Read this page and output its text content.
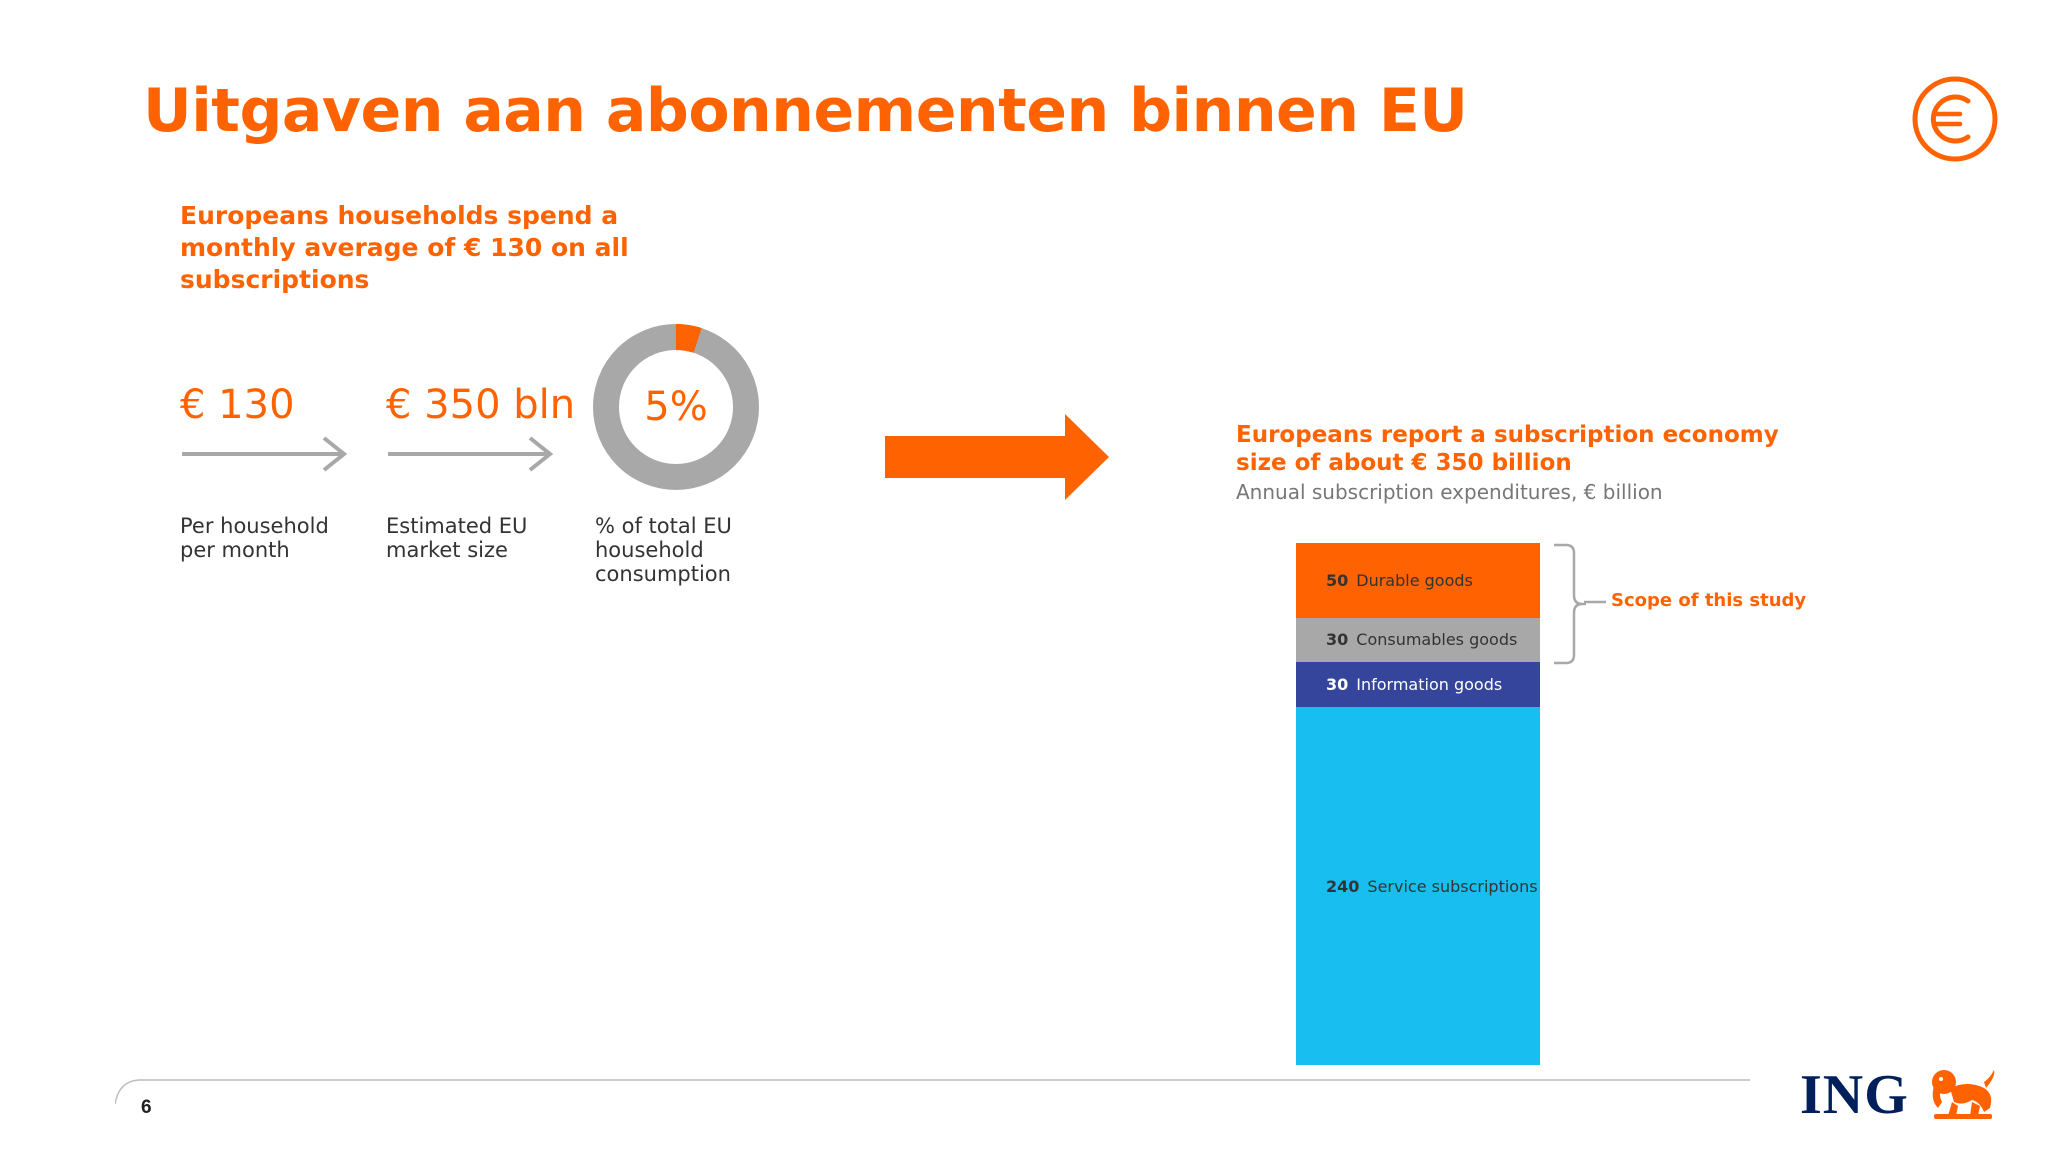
Uitgaven aan abonnementen binnen EU

Europeans households spend a monthly average of € 130 on all subscriptions

€ 130
Per household
per month
€ 350 bln
Estimated EU
market size
5%
% of total EU
household
consumption

Europeans report a subscription economy size of about € 350 billion

Annual subscription expenditures, € billion
50 Durable goods
30 Consumables goods
30 Information goods
240 Service subscriptions
Scope of this study
6	ING
